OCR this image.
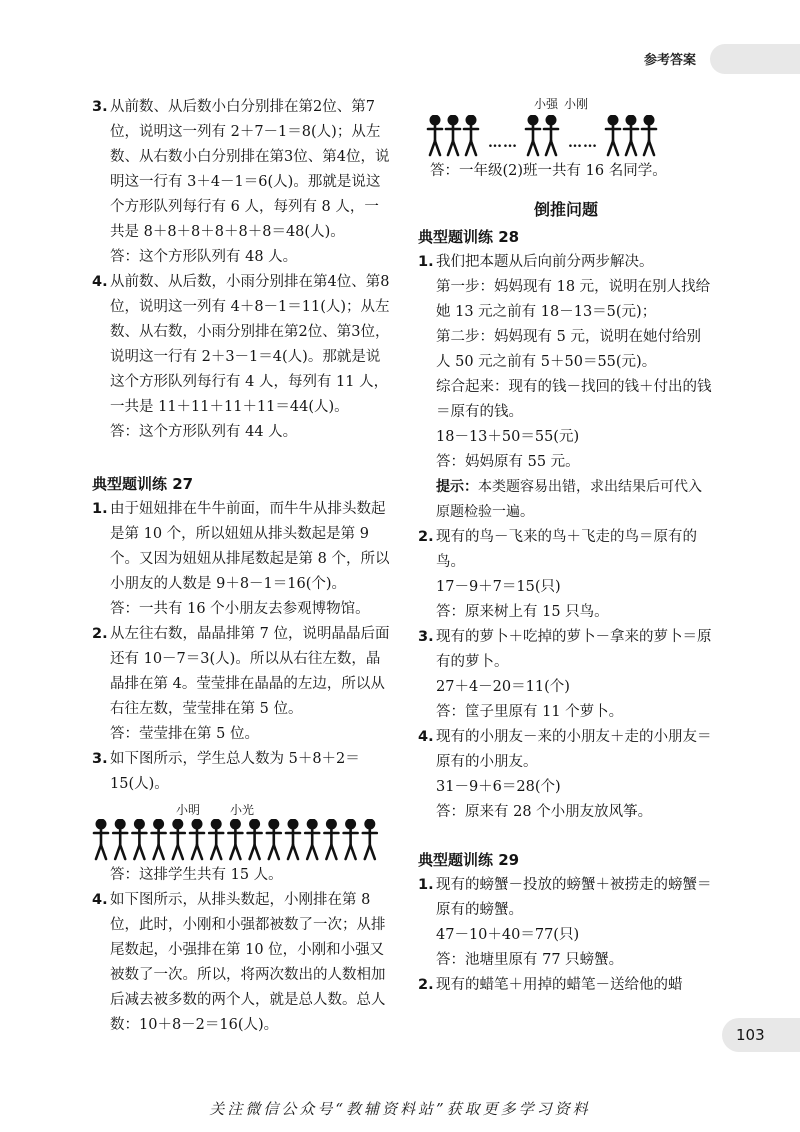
参考答案
3. 从前数、从后数小白分别排在第2位、第7位，说明这一列有 2＋7－1＝8(人)；从左数、从右数小白分别排在第3位、第4位，说明这一行有 3＋4－1＝6(人)。那就是说这个方形队列每行有 6 人，每列有 8 人，一共是 8＋8＋8＋8＋8＋8＝48(人)。
答：这个方形队列有 48 人。
4. 从前数、从后数，小雨分别排在第4位、第8位，说明这一列有 4＋8－1＝11(人)；从左数、从右数，小雨分别排在第2位、第3位，说明这一行有 2＋3－1＝4(人)。那就是说这个方形队列每行有 4 人，每列有 11 人，一共是 11＋11＋11＋11＝44(人)。
答：这个方形队列有 44 人。
典型题训练 27
1. 由于妞妞排在牛牛前面，而牛牛从排头数起是第 10 个，所以妞妞从排头数起是第 9 个。又因为妞妞从排尾数起是第 8 个，所以小朋友的人数是 9＋8－1＝16(个)。
答：一共有 16 个小朋友去参观博物馆。
2. 从左往右数，晶晶排第 7 位，说明晶晶后面还有 10－7＝3(人)。所以从右往左数，晶晶排在第 4。莹莹排在晶晶的左边，所以从右往左数，莹莹排在第 5 位。
答：莹莹排在第 5 位。
3. 如下图所示，学生总人数为 5＋8＋2＝15(人)。
小明 小光
答：这排学生共有 15 人。
4. 如下图所示，从排头数起，小刚排在第 8 位，此时，小刚和小强都被数了一次；从排尾数起，小强排在第 10 位，小刚和小强又被数了一次。所以，将两次数出的人数相加后减去被多数的两个人，就是总人数。总人数：10＋8－2＝16(人)。
小强 小刚
……	……
答：一年级(2)班一共有 16 名同学。
倒推问题
典型题训练 28
1. 我们把本题从后向前分两步解决。
第一步：妈妈现有 18 元，说明在别人找给她 13 元之前有 18－13＝5(元)；
第二步：妈妈现有 5 元，说明在她付给别人 50 元之前有 5＋50＝55(元)。
综合起来：现有的钱－找回的钱＋付出的钱＝原有的钱。
18－13＋50＝55(元)
答：妈妈原有 55 元。
提示：本类题容易出错，求出结果后可代入原题检验一遍。
2. 现有的鸟－飞来的鸟＋飞走的鸟＝原有的鸟。
17－9＋7＝15(只)
答：原来树上有 15 只鸟。
3. 现有的萝卜＋吃掉的萝卜－拿来的萝卜＝原有的萝卜。
27＋4－20＝11(个)
答：筐子里原有 11 个萝卜。
4. 现有的小朋友－来的小朋友＋走的小朋友＝原有的小朋友。
31－9＋6＝28(个)
答：原来有 28 个小朋友放风筝。
典型题训练 29
1. 现有的螃蟹－投放的螃蟹＋被捞走的螃蟹＝原有的螃蟹。
47－10＋40＝77(只)
答：池塘里原有 77 只螃蟹。
2. 现有的蜡笔＋用掉的蜡笔－送给他的蜡
103
关注微信公众号“教辅资料站”获取更多学习资料
